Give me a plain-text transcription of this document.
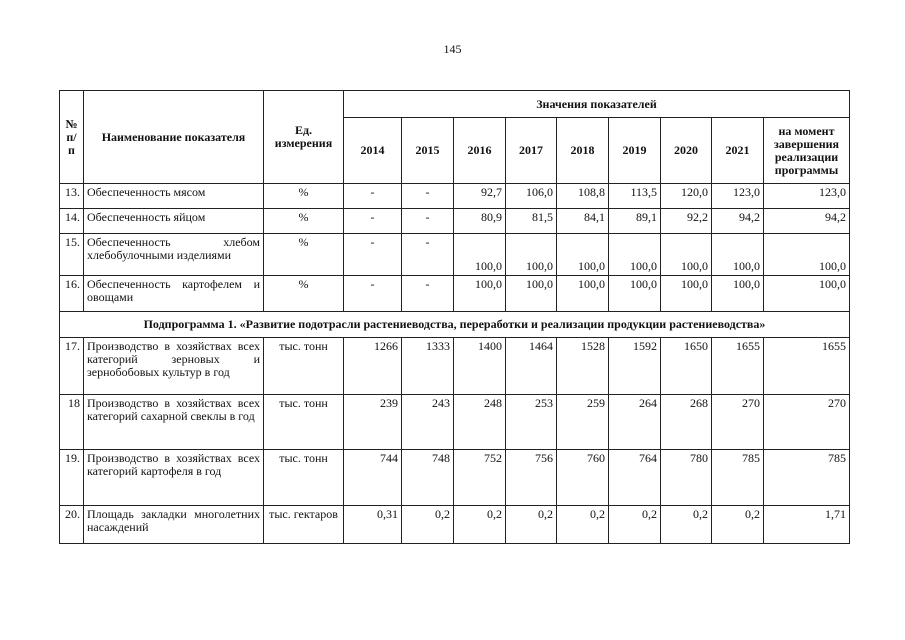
145
№ п/п	Наименование показателя	Ед. измерения	Значения показателей								
			2014	2015	2016	2017	2018	2019	2020	2021	на момент завершения реализации программы
13.	Обеспеченность мясом	%	-	-	92,7	106,0	108,8	113,5	120,0	123,0	123,0
14.	Обеспеченность яйцом	%	-	-	80,9	81,5	84,1	89,1	92,2	94,2	94,2
15.	Обеспеченность хлебом хлебобулочными изделиями	%	-	-	100,0	100,0	100,0	100,0	100,0	100,0	100,0
16.	Обеспеченность картофелем и овощами	%	-	-	100,0	100,0	100,0	100,0	100,0	100,0	100,0
Подпрограмма 1. «Развитие подотрасли растениеводства, переработки и реализации продукции растениеводства»											
17.	Производство в хозяйствах всех категорий зерновых и зернобобовых культур в год	тыс. тонн	1266	1333	1400	1464	1528	1592	1650	1655	1655
18	Производство в хозяйствах всех категорий сахарной свеклы в год	тыс. тонн	239	243	248	253	259	264	268	270	270
19.	Производство в хозяйствах всех категорий картофеля в год	тыс. тонн	744	748	752	756	760	764	780	785	785
20.	Площадь закладки многолетних насаждений	тыс. гектаров	0,31	0,2	0,2	0,2	0,2	0,2	0,2	0,2	1,71
